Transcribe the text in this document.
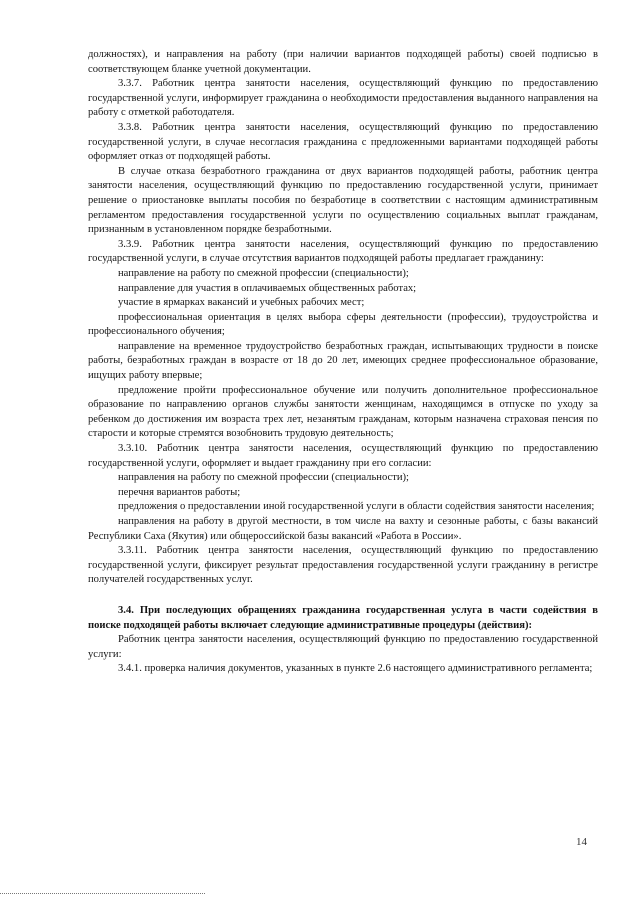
должностях), и направления на работу (при наличии вариантов подходящей работы) своей подписью в соответствующем бланке учетной документации.

3.3.7. Работник центра занятости населения, осуществляющий функцию по предоставлению государственной услуги, информирует гражданина о необходимости предоставления выданного направления на работу с отметкой работодателя.

3.3.8. Работник центра занятости населения, осуществляющий функцию по предоставлению государственной услуги, в случае несогласия гражданина с предложенными вариантами подходящей работы оформляет отказ от подходящей работы.

В случае отказа безработного гражданина от двух вариантов подходящей работы, работник центра занятости населения, осуществляющий функцию по предоставлению государственной услуги, принимает решение о приостановке выплаты пособия по безработице в соответствии с настоящим административным регламентом предоставления государственной услуги по осуществлению социальных выплат гражданам, признанным в установленном порядке безработными.

3.3.9. Работник центра занятости населения, осуществляющий функцию по предоставлению государственной услуги, в случае отсутствия вариантов подходящей работы предлагает гражданину:

направление на работу по смежной профессии (специальности);

направление для участия в оплачиваемых общественных работах;

участие в ярмарках вакансий и учебных рабочих мест;

профессиональная ориентация в целях выбора сферы деятельности (профессии), трудоустройства и профессионального обучения;

направление на временное трудоустройство безработных граждан, испытывающих трудности в поиске работы, безработных граждан в возрасте от 18 до 20 лет, имеющих среднее профессиональное образование, ищущих работу впервые;

предложение пройти профессиональное обучение или получить дополнительное профессиональное образование по направлению органов службы занятости женщинам, находящимся в отпуске по уходу за ребенком до достижения им возраста трех лет, незанятым гражданам, которым назначена страховая пенсия по старости и которые стремятся возобновить трудовую деятельность;

3.3.10. Работник центра занятости населения, осуществляющий функцию по предоставлению государственной услуги, оформляет и выдает гражданину при его согласии:

направления на работу по смежной профессии (специальности);

перечня вариантов работы;

предложения о предоставлении иной государственной услуги в области содействия занятости населения;

направления на работу в другой местности, в том числе на вахту и сезонные работы, с базы вакансий Республики Саха (Якутия) или общероссийской базы вакансий «Работа в России».

3.3.11. Работник центра занятости населения, осуществляющий функцию по предоставлению государственной услуги, фиксирует результат предоставления государственной услуги гражданину в регистре получателей государственных услуг.

3.4. При последующих обращениях гражданина государственная услуга в части содействия в поиске подходящей работы включает следующие административные процедуры (действия):

Работник центра занятости населения, осуществляющий функцию по предоставлению государственной услуги:

3.4.1. проверка наличия документов, указанных в пункте 2.6 настоящего административного регламента;

14
